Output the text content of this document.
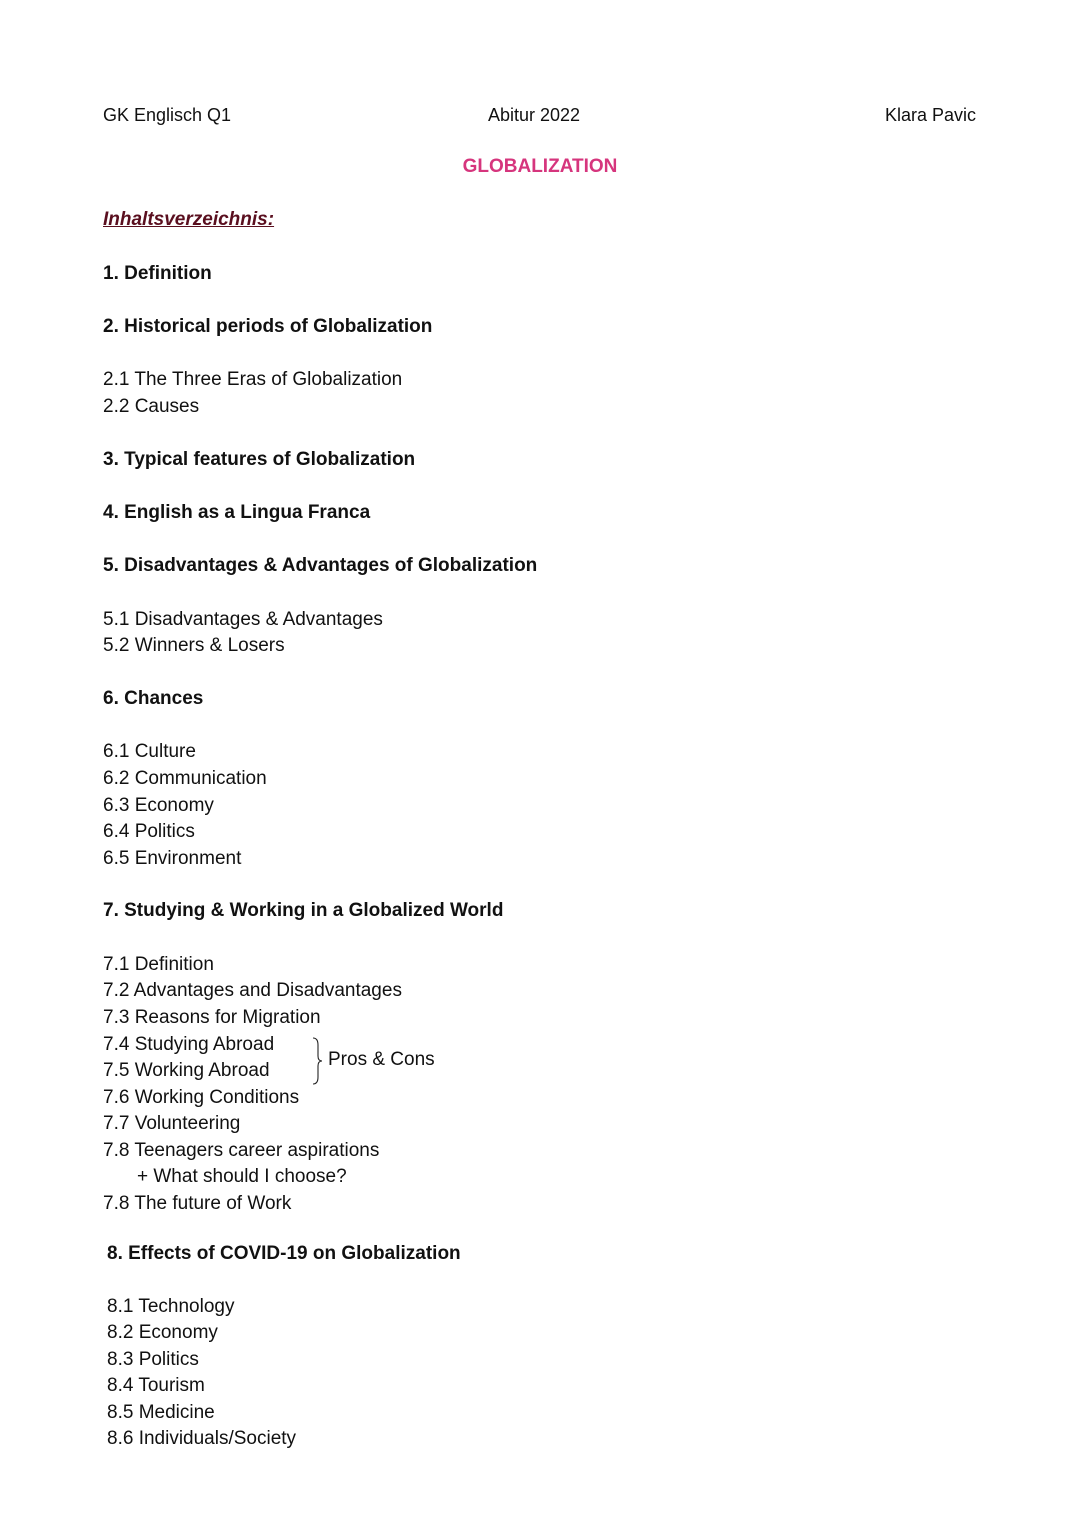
GK Englisch Q1	Abitur 2022	Klara Pavic
GLOBALIZATION
Inhaltsverzeichnis:
1. Definition
2. Historical periods of Globalization
2.1 The Three Eras of Globalization
2.2 Causes
3. Typical features of Globalization
4. English as a Lingua Franca
5. Disadvantages & Advantages of Globalization
5.1 Disadvantages & Advantages
5.2 Winners & Losers
6. Chances
6.1 Culture
6.2 Communication
6.3 Economy
6.4 Politics
6.5 Environment
7. Studying & Working in a Globalized World
7.1 Definition
7.2 Advantages and Disadvantages
7.3 Reasons for Migration
7.4 Studying Abroad
7.5 Working Abroad
Pros & Cons
7.6 Working Conditions
7.7 Volunteering
7.8 Teenagers career aspirations
+ What should I choose?
7.8 The future of Work
8. Effects of COVID-19 on Globalization
8.1 Technology
8.2 Economy
8.3 Politics
8.4 Tourism
8.5 Medicine
8.6 Individuals/Society
